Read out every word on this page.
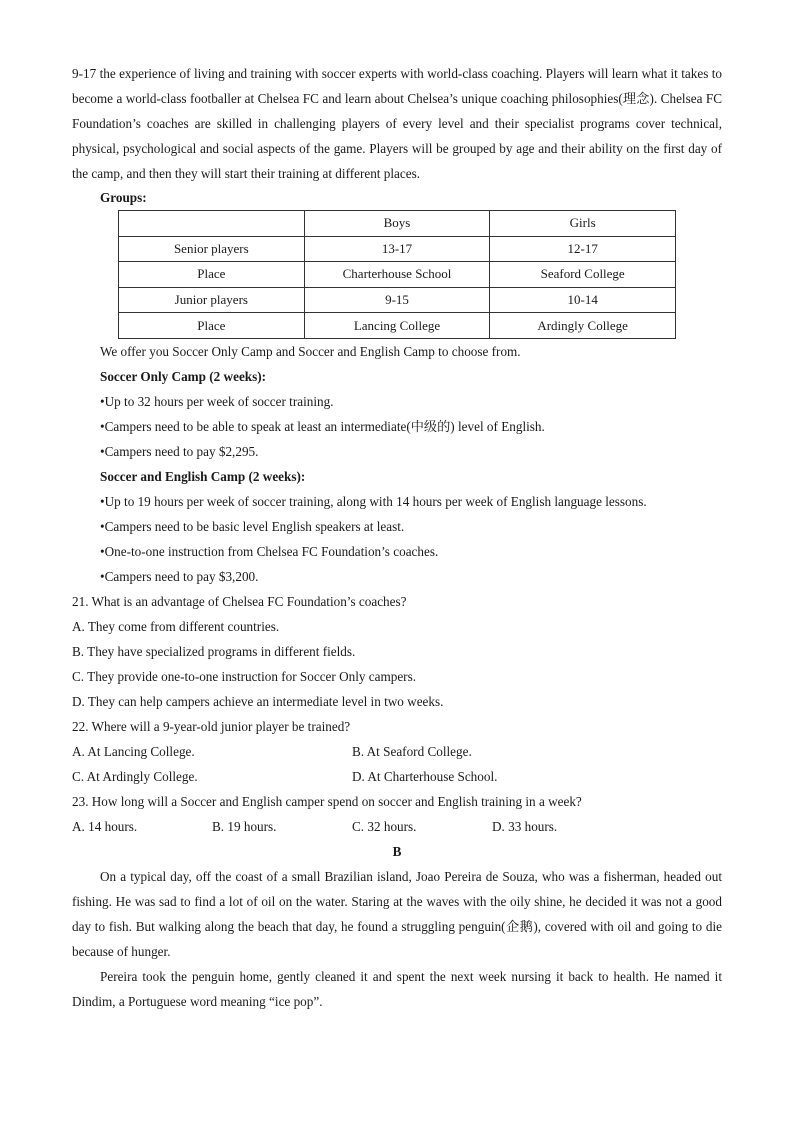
9-17 the experience of living and training with soccer experts with world-class coaching. Players will learn what it takes to become a world-class footballer at Chelsea FC and learn about Chelsea’s unique coaching philosophies(理念). Chelsea FC Foundation’s coaches are skilled in challenging players of every level and their specialist programs cover technical, physical, psychological and social aspects of the game. Players will be grouped by age and their ability on the first day of the camp, and then they will start their training at different places.

Groups:
	Boys	Girls
Senior players	13-17	12-17
Place	Charterhouse School	Seaford College
Junior players	9-15	10-14
Place	Lancing College	Ardingly College
We offer you Soccer Only Camp and Soccer and English Camp to choose from.
Soccer Only Camp (2 weeks):
•Up to 32 hours per week of soccer training.
•Campers need to be able to speak at least an intermediate(中级的) level of English.
•Campers need to pay $2,295.
Soccer and English Camp (2 weeks):
•Up to 19 hours per week of soccer training, along with 14 hours per week of English language lessons.
•Campers need to be basic level English speakers at least.
•One-to-one instruction from Chelsea FC Foundation’s coaches.
•Campers need to pay $3,200.
21. What is an advantage of Chelsea FC Foundation’s coaches?
A. They come from different countries.
B. They have specialized programs in different fields.
C. They provide one-to-one instruction for Soccer Only campers.
D. They can help campers achieve an intermediate level in two weeks.
22. Where will a 9-year-old junior player be trained?
A. At Lancing College.	B. At Seaford College.
C. At Ardingly College.	D. At Charterhouse School.
23. How long will a Soccer and English camper spend on soccer and English training in a week?
A. 14 hours.	B. 19 hours.	C. 32 hours.	D. 33 hours.
B

On a typical day, off the coast of a small Brazilian island, Joao Pereira de Souza, who was a fisherman, headed out fishing. He was sad to find a lot of oil on the water. Staring at the waves with the oily shine, he decided it was not a good day to fish. But walking along the beach that day, he found a struggling penguin(企鹅), covered with oil and going to die because of hunger.

Pereira took the penguin home, gently cleaned it and spent the next week nursing it back to health. He named it Dindim, a Portuguese word meaning “ice pop”.
